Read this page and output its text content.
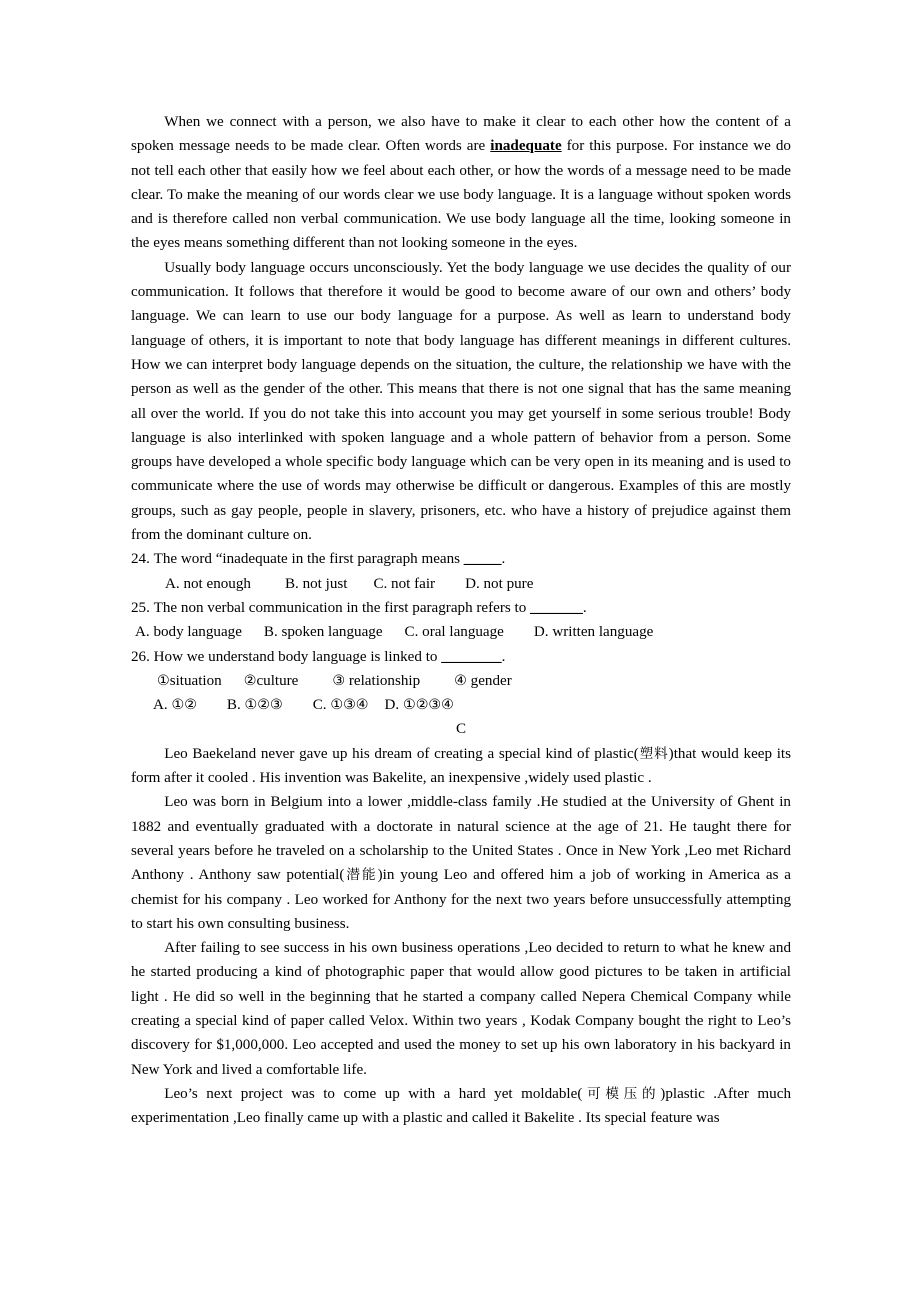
When we connect with a person, we also have to make it clear to each other how the content of a spoken message needs to be made clear. Often words are inadequate for this purpose. For instance we do not tell each other that easily how we feel about each other, or how the words of a message need to be made clear. To make the meaning of our words clear we use body language. It is a language without spoken words and is therefore called non verbal communication. We use body language all the time, looking someone in the eyes means something different than not looking someone in the eyes.

Usually body language occurs unconsciously. Yet the body language we use decides the quality of our communication. It follows that therefore it would be good to become aware of our own and others’ body language. We can learn to use our body language for a purpose. As well as learn to understand body language of others, it is important to note that body language has different meanings in different cultures. How we can interpret body language depends on the situation, the culture, the relationship we have with the person as well as the gender of the other. This means that there is not one signal that has the same meaning all over the world. If you do not take this into account you may get yourself in some serious trouble! Body language is also interlinked with spoken language and a whole pattern of behavior from a person. Some groups have developed a whole specific body language which can be very open in its meaning and is used to communicate where the use of words may otherwise be difficult or dangerous. Examples of this are mostly groups, such as gay people, people in slavery, prisoners, etc. who have a history of prejudice against them from the dominant culture on.

24. The word “inadequate in the first paragraph means _____.

A. not enough B. not just C. not fair D. not pure

25. The non verbal communication in the first paragraph refers to _______.

A. body language B. spoken language C. oral language D. written language

26. How we understand body language is linked to ________.

①situation ②culture ③ relationship ④ gender

A. ①② B. ①②③ C. ①③④ D. ①②③④

C

Leo Baekeland never gave up his dream of creating a special kind of plastic(塑料)that would keep its form after it cooled . His invention was Bakelite, an inexpensive ,widely used plastic .

Leo was born in Belgium into a lower ,middle-class family .He studied at the University of Ghent in 1882 and eventually graduated with a doctorate in natural science at the age of 21. He taught there for several years before he traveled on a scholarship to the United States . Once in New York ,Leo met Richard Anthony . Anthony saw potential(潜能)in young Leo and offered him a job of working in America as a chemist for his company . Leo worked for Anthony for the next two years before unsuccessfully attempting to start his own consulting business.

After failing to see success in his own business operations ,Leo decided to return to what he knew and he started producing a kind of photographic paper that would allow good pictures to be taken in artificial light . He did so well in the beginning that he started a company called Nepera Chemical Company while creating a special kind of paper called Velox. Within two years , Kodak Company bought the right to Leo’s discovery for $1,000,000. Leo accepted and used the money to set up his own laboratory in his backyard in New York and lived a comfortable life.

Leo’s next project was to come up with a hard yet moldable(可模压的)plastic .After much experimentation ,Leo finally came up with a plastic and called it Bakelite . Its special feature was
